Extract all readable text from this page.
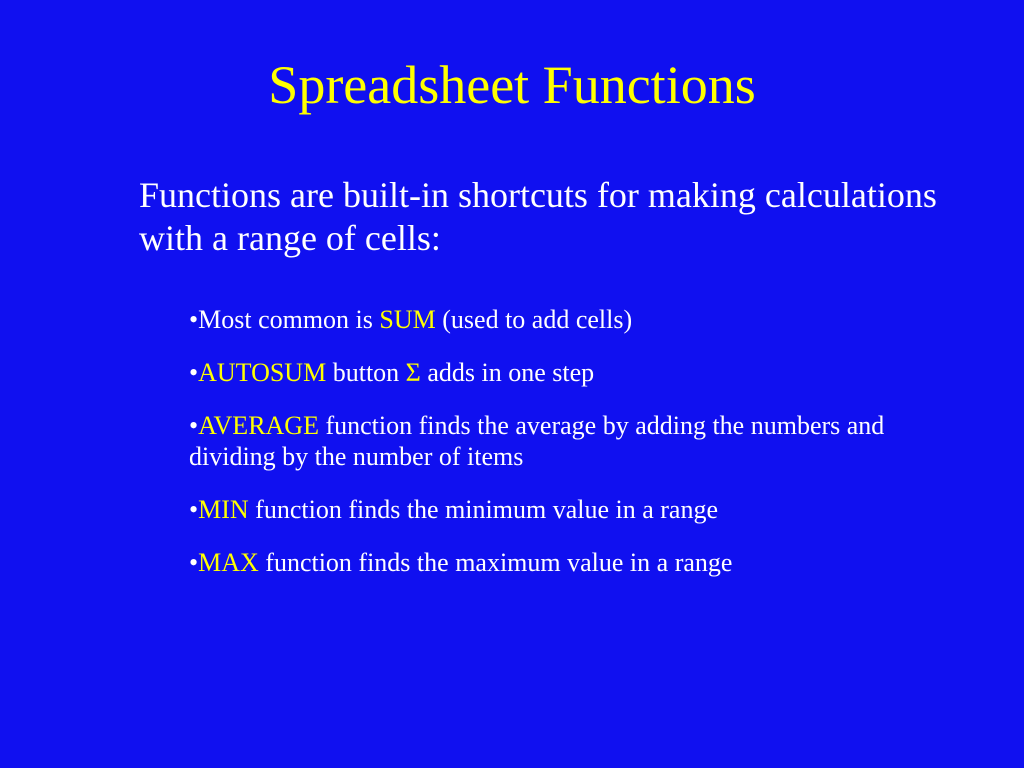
Spreadsheet Functions

Functions are built-in shortcuts for making calculations with a range of cells:

•Most common is SUM (used to add cells)
•AUTOSUM button Σ adds in one step
•AVERAGE function finds the average by adding the numbers and dividing by the number of items
•MIN function finds the minimum value in a range
•MAX function finds the maximum value in a range
